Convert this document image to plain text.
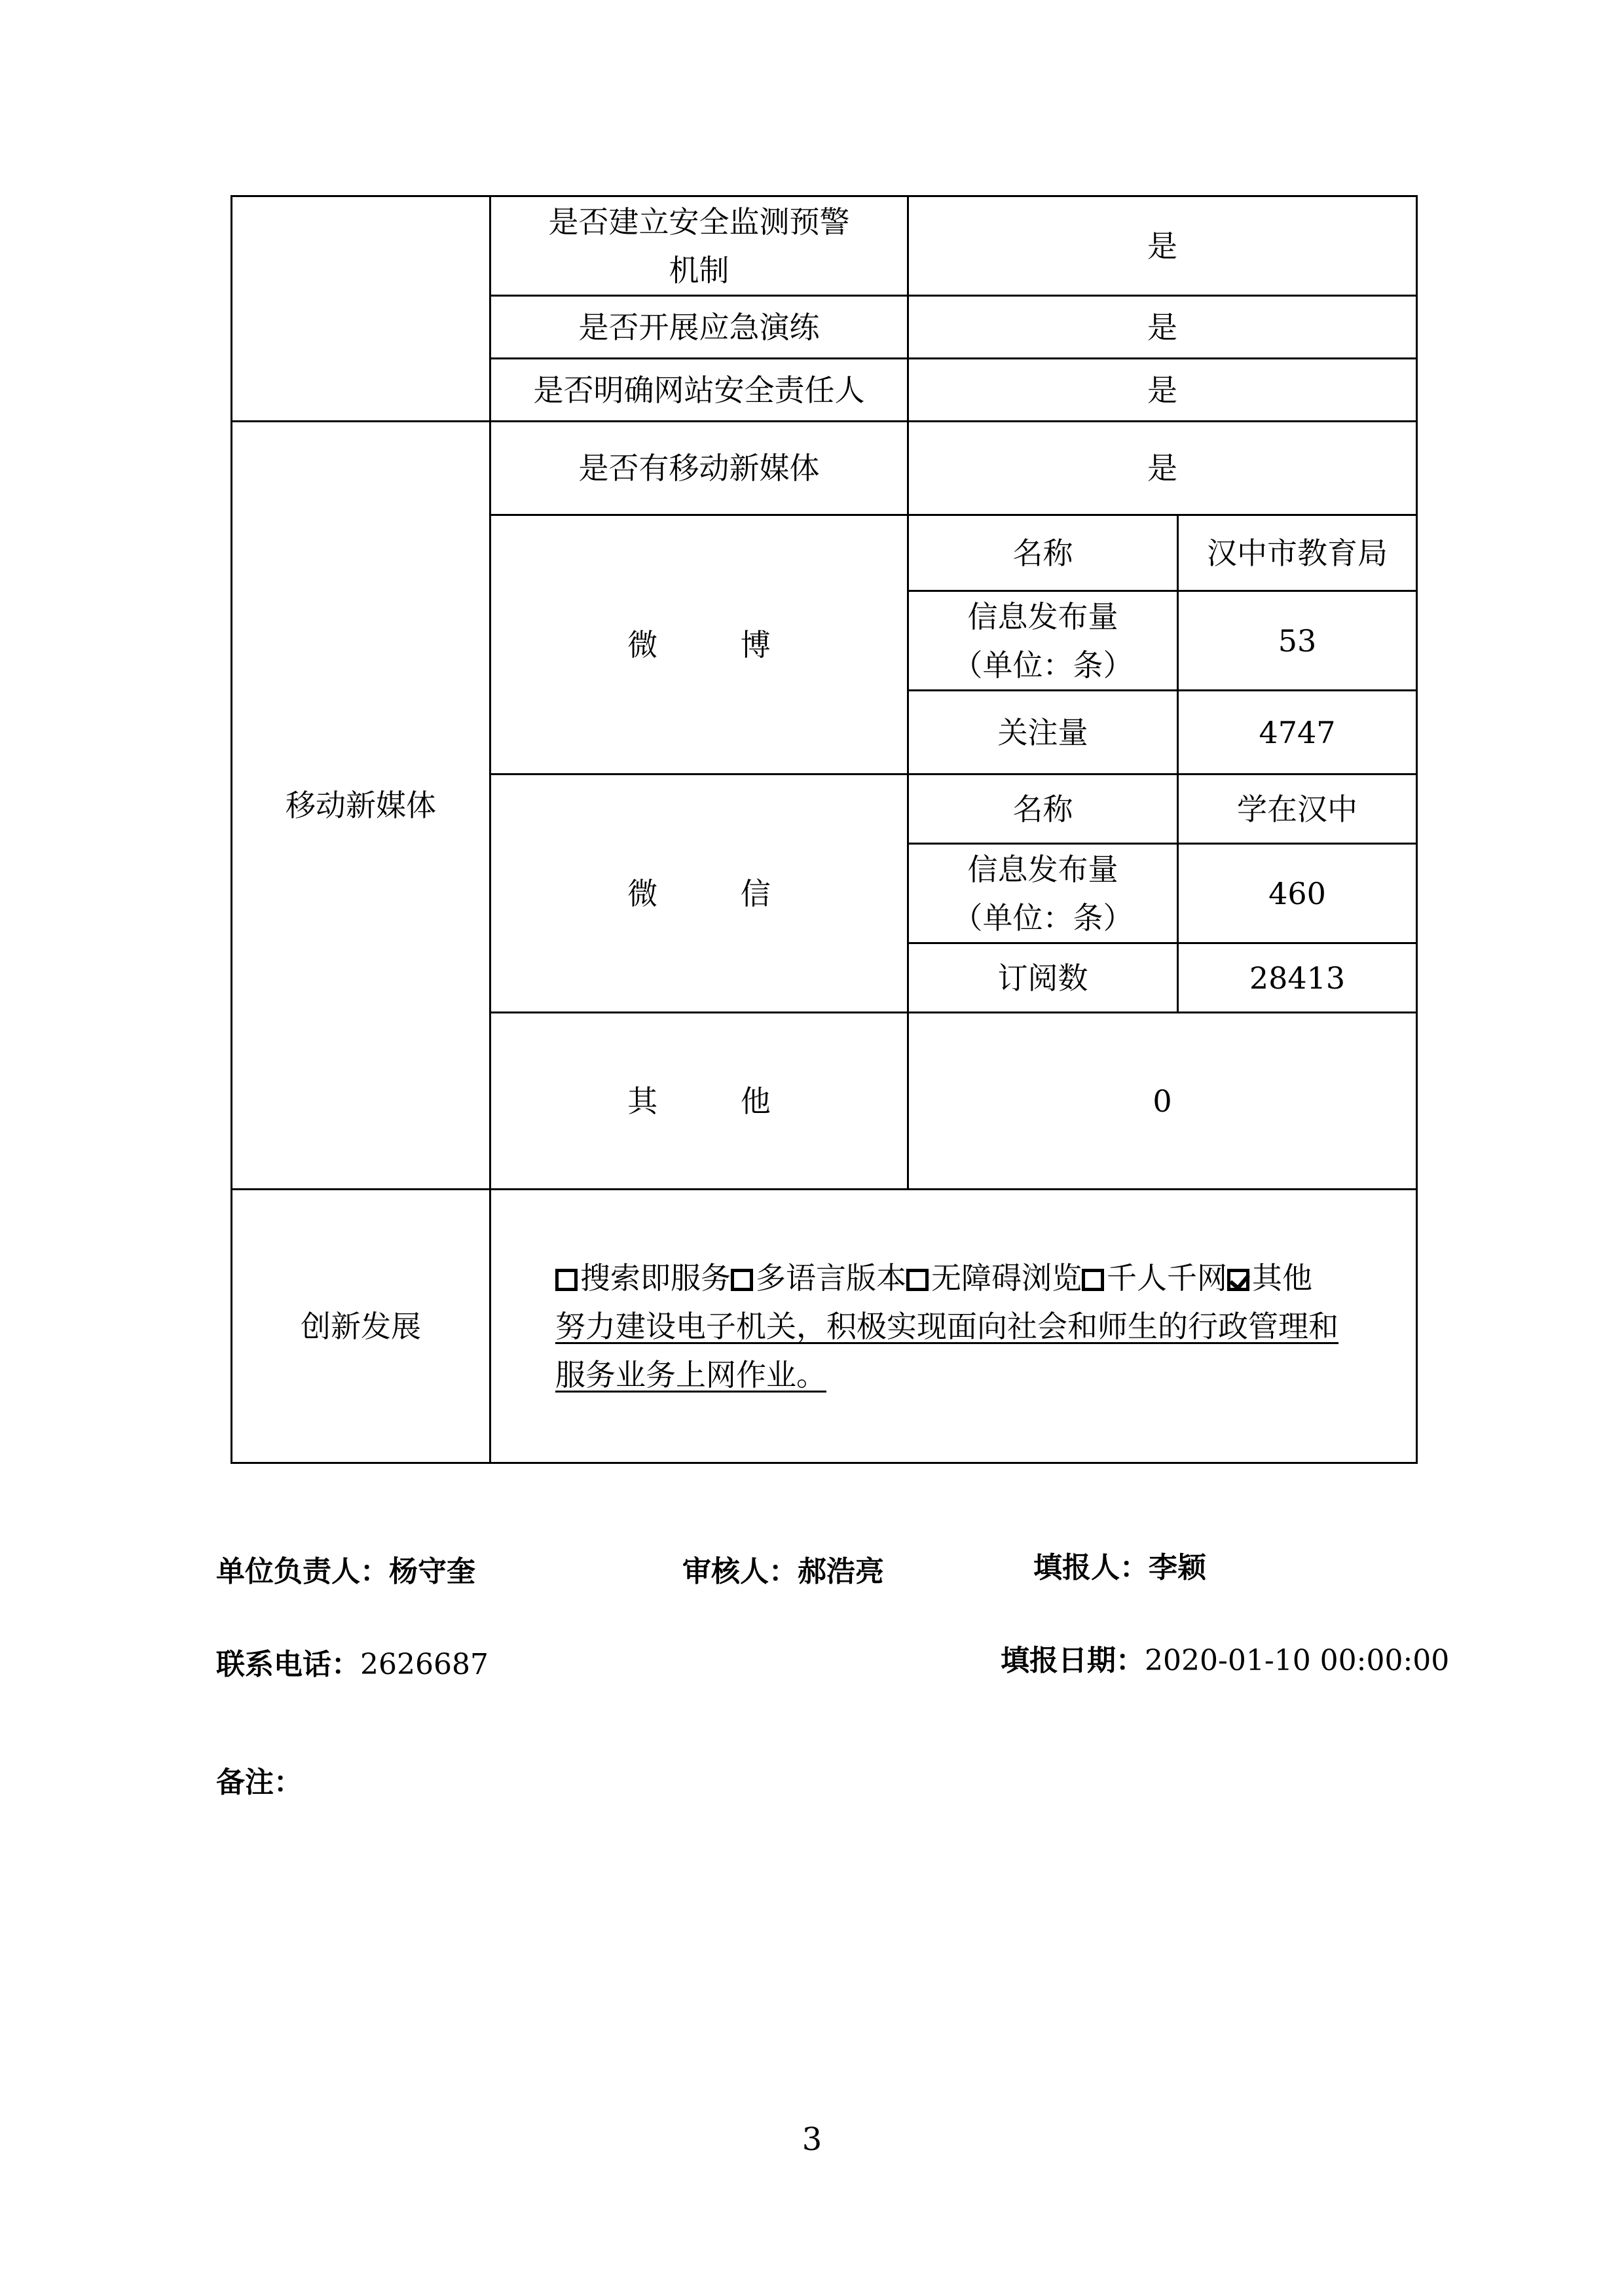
	是否建立安全监测预警
机制	是	
	是否开展应急演练	是	
	是否明确网站安全责任人	是	
移动新媒体	是否有移动新媒体	是	
	微 博	名称	汉中市教育局

		信息发布量
（单位：条）	53
		关注量	4747
	微 信	名称	学在汉中

		信息发布量
（单位：条）	460
		订阅数	28413
	其 他	0	
创新发展	搜索即服务 多语言版本 无障碍浏览 千人千网 其他
努力建设电子机关，积极实现面向社会和师生的行政管理和
服务业务上网作业。		
单位负责人：杨守奎	审核人：郝浩亮	填报人：李颖
联系电话：2626687	填报日期：2020-01-10 00:00:00
备注：
3
